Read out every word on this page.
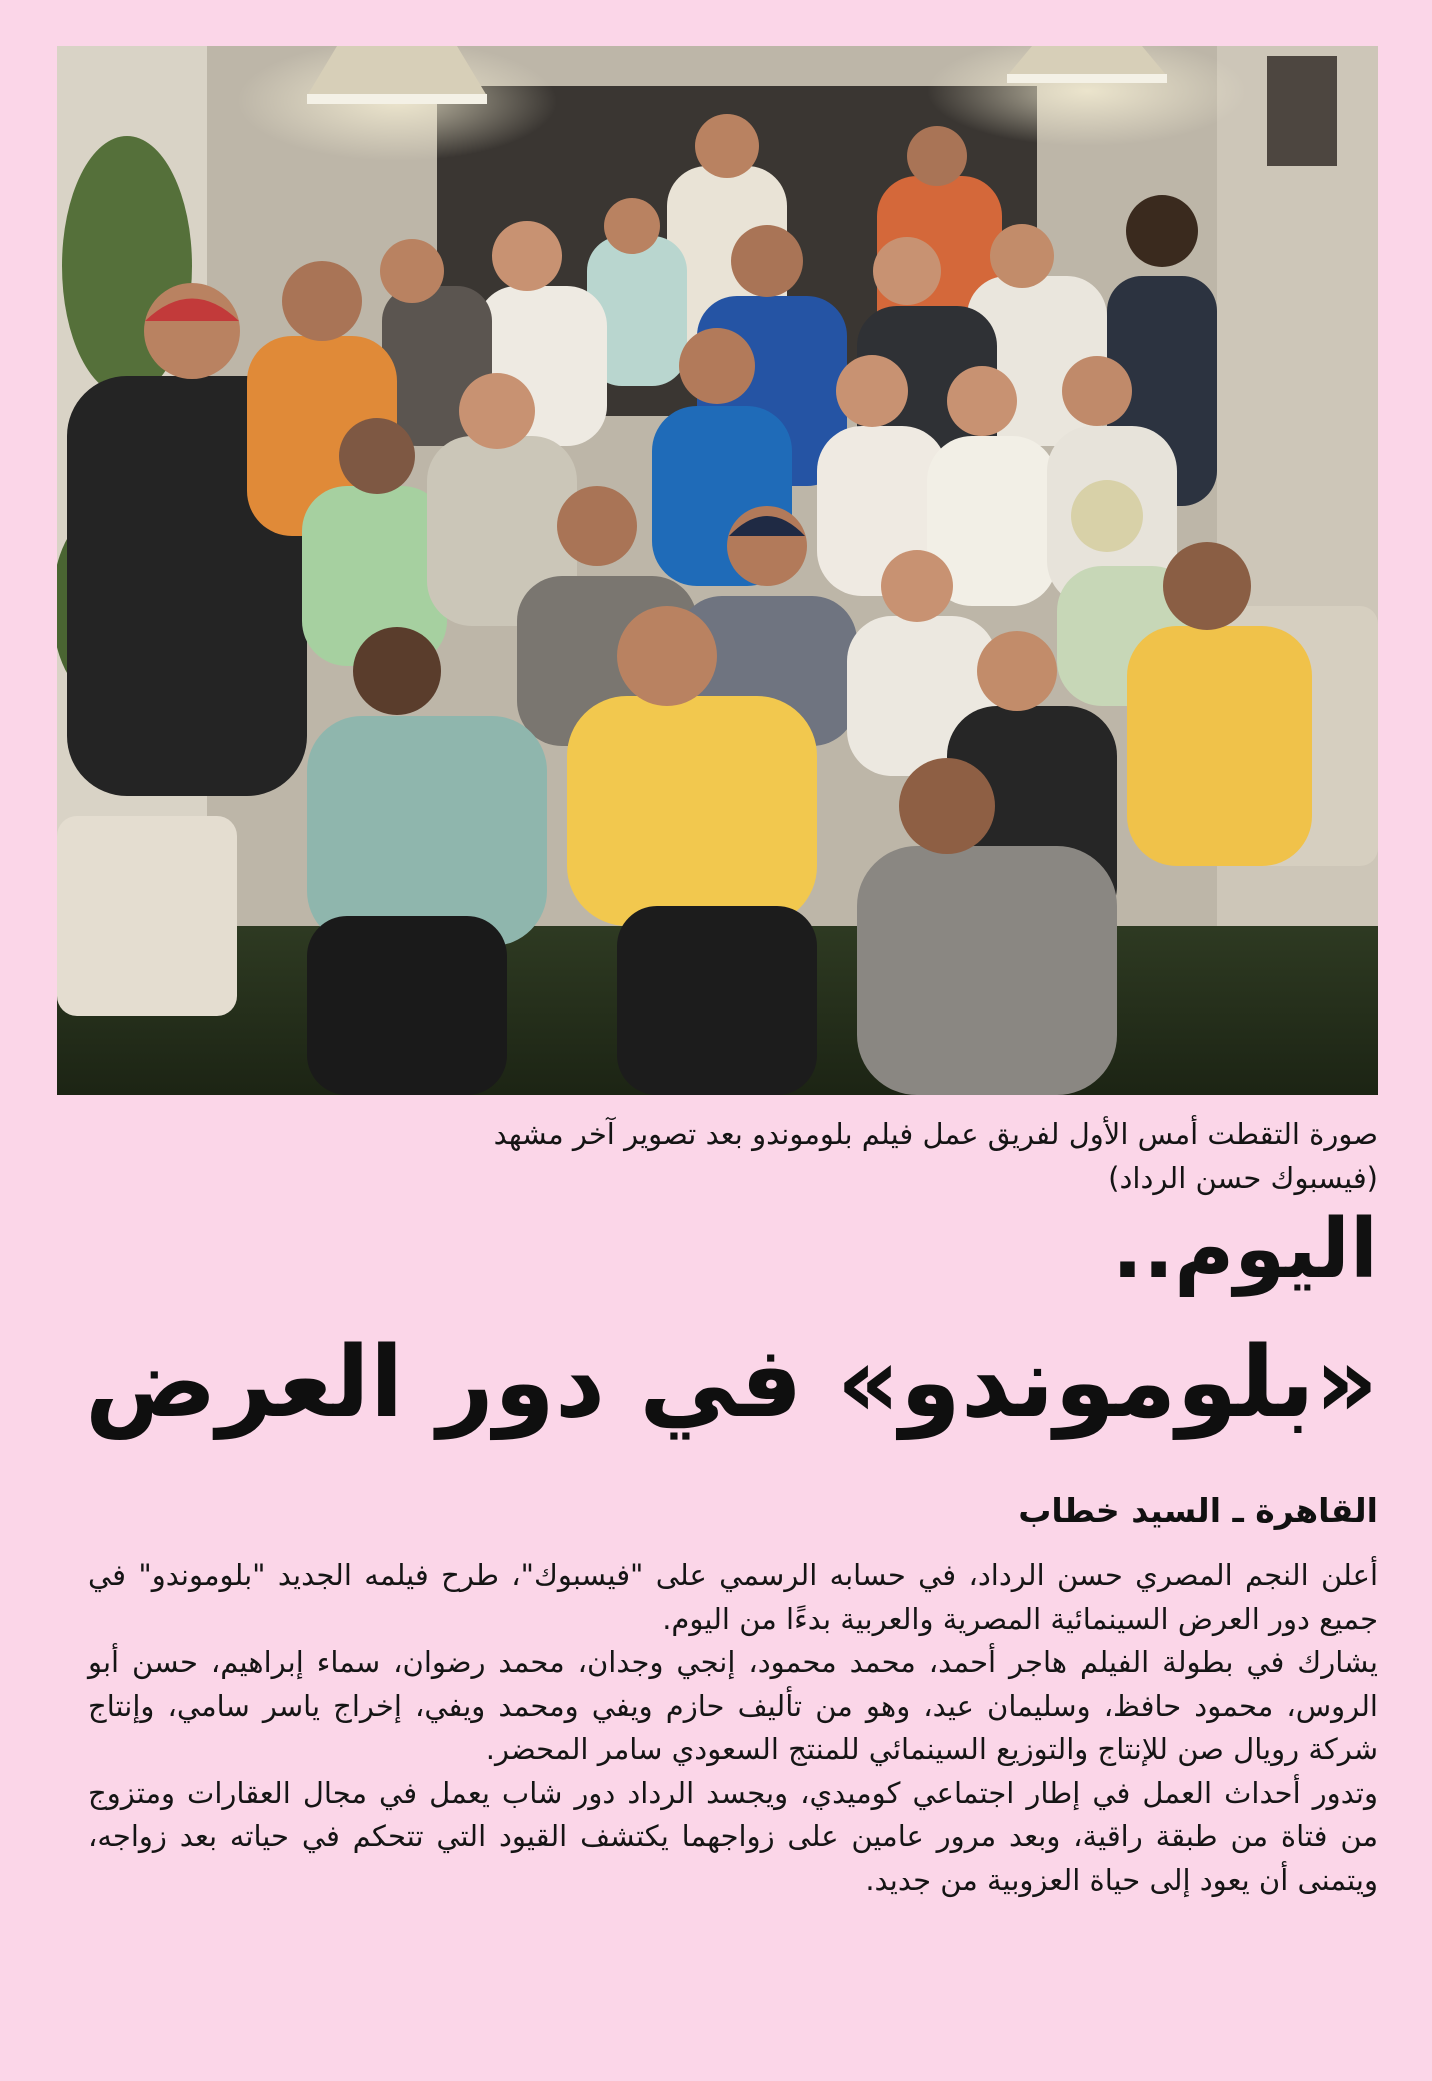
صورة التقطت أمس الأول لفريق عمل فيلم بلوموندو بعد تصوير آخر مشهد
(فيسبوك حسن الرداد)
اليوم..
«بلوموندو» في دور العرض
القاهرة ـ السيد خطاب

أعلن النجم المصري حسن الرداد، في حسابه الرسمي على "فيسبوك"، طرح فيلمه الجديد "بلوموندو" في جميع دور العرض السينمائية المصرية والعربية بدءًا من اليوم.

يشارك في بطولة الفيلم هاجر أحمد، محمد محمود، إنجي وجدان، محمد رضوان، سماء إبراهيم، حسن أبو الروس، محمود حافظ، وسليمان عيد، وهو من تأليف حازم ويفي ومحمد ويفي، إخراج ياسر سامي، وإنتاج شركة رويال صن للإنتاج والتوزيع السينمائي للمنتج السعودي سامر المحضر.

وتدور أحداث العمل في إطار اجتماعي كوميدي، ويجسد الرداد دور شاب يعمل في مجال العقارات ومتزوج من فتاة من طبقة راقية، وبعد مرور عامين على زواجهما يكتشف القيود التي تتحكم في حياته بعد زواجه، ويتمنى أن يعود إلى حياة العزوبية من جديد.
